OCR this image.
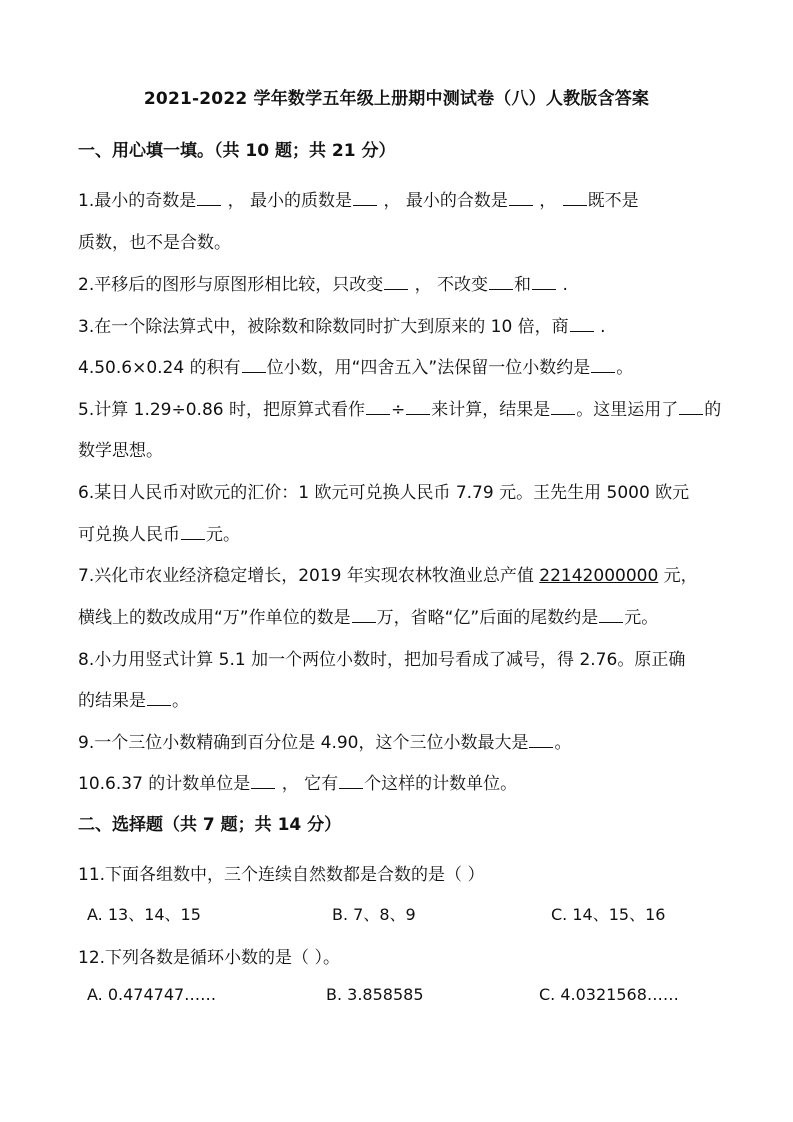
2021-2022 学年数学五年级上册期中测试卷（八）人教版含答案
一、用心填一填。（共 10 题；共 21 分）
1.最小的奇数是 ， 最小的质数是 ， 最小的合数是 ， 既不是
质数，也不是合数。
2.平移后的图形与原图形相比较，只改变 ， 不改变 和 .
3.在一个除法算式中，被除数和除数同时扩大到原来的 10 倍，商 .
4.50.6×0.24 的积有 位小数，用“四舍五入”法保留一位小数约是 。
5.计算 1.29÷0.86 时，把原算式看作 ÷ 来计算，结果是 。这里运用了 的
数学思想。
6.某日人民币对欧元的汇价：1 欧元可兑换人民币 7.79 元。王先生用 5000 欧元
可兑换人民币 元。
7.兴化市农业经济稳定增长，2019 年实现农林牧渔业总产值 22142000000 元，
横线上的数改成用“万”作单位的数是 万，省略“亿”后面的尾数约是 元。
8.小力用竖式计算 5.1 加一个两位小数时，把加号看成了减号，得 2.76。原正确
的结果是 。
9.一个三位小数精确到百分位是 4.90，这个三位小数最大是 。
10.6.37 的计数单位是 ， 它有 个这样的计数单位。
二、选择题（共 7 题；共 14 分）
11.下面各组数中，三个连续自然数都是合数的是（ ）
A. 13、14、15	B. 7、8、9	C. 14、15、16
12.下列各数是循环小数的是（ ）。
A. 0.474747……	B. 3.858585	C. 4.0321568……
